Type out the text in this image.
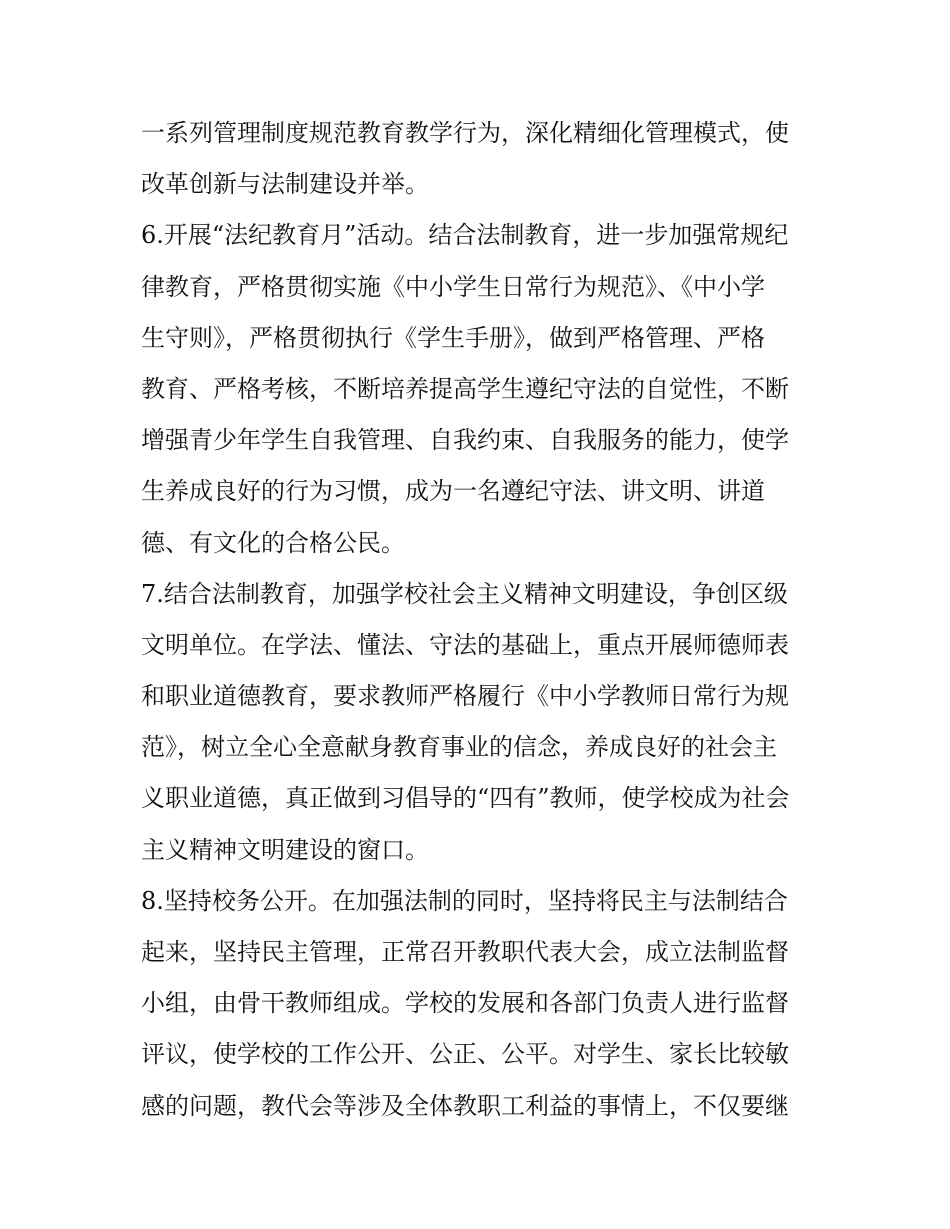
一系列管理制度规范教育教学行为，深化精细化管理模式，使
改革创新与法制建设并举。
6.开展“法纪教育月”活动。结合法制教育，进一步加强常规纪
律教育，严格贯彻实施《中小学生日常行为规范》、《中小学
生守则》，严格贯彻执行《学生手册》，做到严格管理、严格
教育、严格考核，不断培养提高学生遵纪守法的自觉性，不断
增强青少年学生自我管理、自我约束、自我服务的能力，使学
生养成良好的行为习惯，成为一名遵纪守法、讲文明、讲道
德、有文化的合格公民。
7.结合法制教育，加强学校社会主义精神文明建设，争创区级
文明单位。在学法、懂法、守法的基础上，重点开展师德师表
和职业道德教育，要求教师严格履行《中小学教师日常行为规
范》，树立全心全意献身教育事业的信念，养成良好的社会主
义职业道德，真正做到习倡导的“四有”教师，使学校成为社会
主义精神文明建设的窗口。
8.坚持校务公开。在加强法制的同时，坚持将民主与法制结合
起来，坚持民主管理，正常召开教职代表大会，成立法制监督
小组，由骨干教师组成。学校的发展和各部门负责人进行监督
评议，使学校的工作公开、公正、公平。对学生、家长比较敏
感的问题，教代会等涉及全体教职工利益的事情上，不仅要继
